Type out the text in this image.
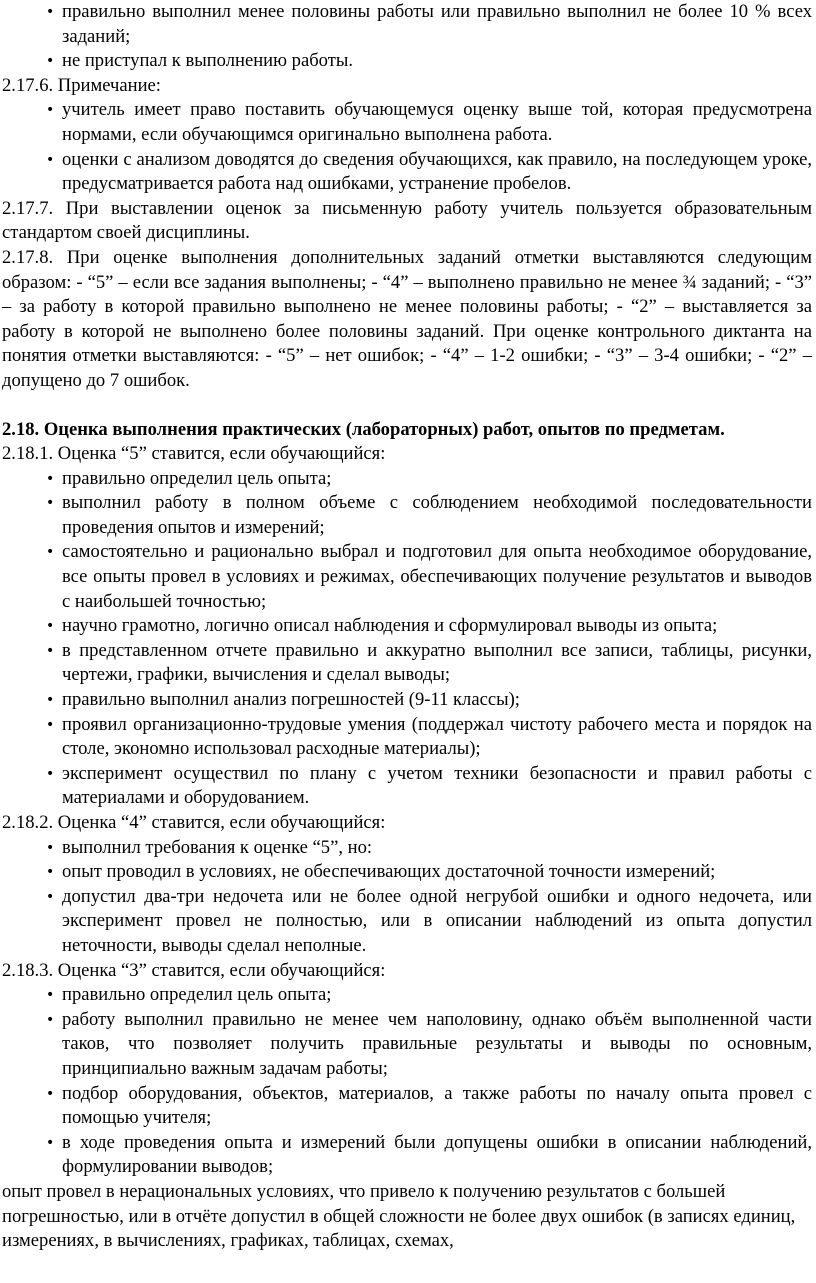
• правильно выполнил менее половины работы или правильно выполнил не более 10 % всех заданий;

• не приступал к выполнению работы.

2.17.6. Примечание:

• учитель имеет право поставить обучающемуся оценку выше той, которая предусмотрена нормами, если обучающимся оригинально выполнена работа.

• оценки с анализом доводятся до сведения обучающихся, как правило, на последующем уроке, предусматривается работа над ошибками, устранение пробелов.

2.17.7. При выставлении оценок за письменную работу учитель пользуется образовательным стандартом своей дисциплины.

2.17.8. При оценке выполнения дополнительных заданий отметки выставляются следующим образом: - “5” – если все задания выполнены; - “4” – выполнено правильно не менее ¾ заданий; - “3” – за работу в которой правильно выполнено не менее половины работы; - “2” – выставляется за работу в которой не выполнено более половины заданий. При оценке контрольного диктанта на понятия отметки выставляются: - “5” – нет ошибок; - “4” – 1-2 ошибки; - “3” – 3-4 ошибки; - “2” – допущено до 7 ошибок.

2.18. Оценка выполнения практических (лабораторных) работ, опытов по предметам.

2.18.1. Оценка “5” ставится, если обучающийся:

• правильно определил цель опыта;

• выполнил работу в полном объеме с соблюдением необходимой последовательности проведения опытов и измерений;

• самостоятельно и рационально выбрал и подготовил для опыта необходимое оборудование, все опыты провел в условиях и режимах, обеспечивающих получение результатов и выводов с наибольшей точностью;

• научно грамотно, логично описал наблюдения и сформулировал выводы из опыта;

• в представленном отчете правильно и аккуратно выполнил все записи, таблицы, рисунки, чертежи, графики, вычисления и сделал выводы;

• правильно выполнил анализ погрешностей (9-11 классы);

• проявил организационно-трудовые умения (поддержал чистоту рабочего места и порядок на столе, экономно использовал расходные материалы);

• эксперимент осуществил по плану с учетом техники безопасности и правил работы с материалами и оборудованием.

2.18.2. Оценка “4” ставится, если обучающийся:

• выполнил требования к оценке “5”, но:

• опыт проводил в условиях, не обеспечивающих достаточной точности измерений;

• допустил два-три недочета или не более одной негрубой ошибки и одного недочета, или эксперимент провел не полностью, или в описании наблюдений из опыта допустил неточности, выводы сделал неполные.

2.18.3. Оценка “3” ставится, если обучающийся:

• правильно определил цель опыта;

• работу выполнил правильно не менее чем наполовину, однако объём выполненной части таков, что позволяет получить правильные результаты и выводы по основным, принципиально важным задачам работы;

• подбор оборудования, объектов, материалов, а также работы по началу опыта провел с помощью учителя;

• в ходе проведения опыта и измерений были допущены ошибки в описании наблюдений, формулировании выводов;

опыт провел в нерациональных условиях, что привело к получению результатов с большей погрешностью, или в отчёте допустил в общей сложности не более двух ошибок (в записях единиц, измерениях, в вычислениях, графиках, таблицах, схемах,
